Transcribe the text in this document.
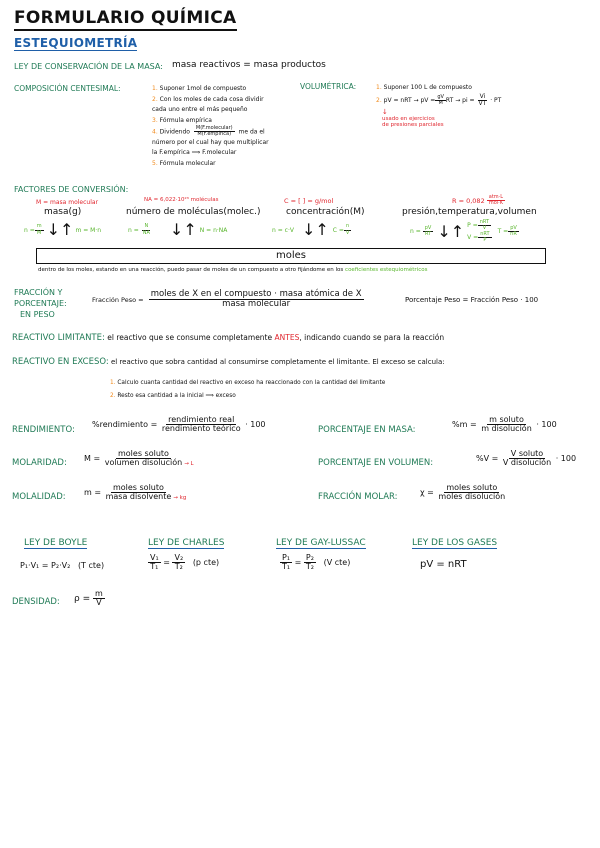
FORMULARIO QUÍMICA
ESTEQUIOMETRÍA
LEY DE CONSERVACIÓN DE LA MASA: masa reactivos = masa productos
COMPOSICIÓN CENTESIMAL:	1. Suponer 1mol de compuesto
2. Con los moles de cada cosa dividir
cada uno entre el más pequeño
3. Fórmula empírica
4. Dividendo $\frac{\text{M(F.molecular)}}{\text{M(F.empírica)}}$ me da el
número por el cual hay que multiplicar
la F.empírica ⟹ F.molecular
5. Fórmula molecular
VOLUMÉTRICA:	1. Suponer 100 L de compuesto
2.
pV = nRT → pV = $\frac{gV}{M}$ RT → pi =
$\frac{Vi}{VT}$
· PT
↓
usado en ejercicios
de presiones parciales
FACTORES DE CONVERSIÓN:
M = masa molecular
masa(g)
$n = \frac{m}{M}$ ↓ ↑ m = M·n
NA = 6,022·10²³ moléculas
número de moléculas(molec.)
$n = \frac{N}{NA}$ ↓ ↑ N = n·NA
C = [ ] = g/mol
concentración(M)
n = c·V ↓ ↑ $C = \frac{n}{V}$
R = 0,082
$\frac{\text{atm·L}}{\text{mol·K}}$
presión,temperatura,volumen
$n = \frac{pV}{RT}$ ↓ ↑ $P = \frac{\text{nRT}}{V}$
$V = \frac{\text{nRT}}{P}$ $T = \frac{pV}{nR}$
moles
dentro de los moles, estando en una reacción, puedo pasar de moles de un compuesto a otro fijándome en los coeficientes estequiométricos
FRACCIÓN Y
PORCENTAJE:
EN PESO
Fracción Peso =
$\frac{\text{moles de X en el compuesto · masa atómica de X}}{\text{masa molecular}}$	Porcentaje Peso = Fracción Peso · 100
REACTIVO LIMITANTE: el reactivo que se consume completamente ANTES, indicando cuando se para la reacción
REACTIVO EN EXCESO: el reactivo que sobra cantidad al consumirse completamente el limitante. El exceso se calcula:
1. Calculo cuanta cantidad del reactivo en exceso ha reaccionado con la cantidad del limitante
2. Resto esa cantidad a la inicial ⟹ exceso
RENDIMIENTO:
%rendimiento =
$\frac{\text{rendimiento real}}{\text{rendimiento teórico}}$
· 100
PORCENTAJE EN MASA:
%m =
$\frac{\text{m soluto}}{\text{m disolución}}$
· 100
MOLARIDAD: M =
$\frac{\text{moles soluto}}{\text{volumen disolución}} \to L$	PORCENTAJE EN VOLUMEN:	%V =
$\frac{\text{V soluto}}{\text{V disolución}}$
· 100
MOLALIDAD: m =
$\frac{\text{moles soluto}}{\text{masa disolvente}}$ → kg	FRACCIÓN MOLAR:	χ =
$\frac{\text{moles soluto}}{\text{moles disolución}}$
LEY DE BOYLE
P₁·V₁ = P₂·V₂ (T cte)
LEY DE CHARLES
$\frac{\text{V₁}}{\text{T₁}} = \frac{\text{V₂}}{\text{T₂}}$
(p cte)
LEY DE GAY-LUSSAC
$\frac{\text{P₁}}{\text{T₁}} = \frac{\text{P₂}}{\text{T₂}}$
(V cte)
LEY DE LOS GASES
pV = nRT
DENSIDAD: ρ =
$\frac{m}{V}$
